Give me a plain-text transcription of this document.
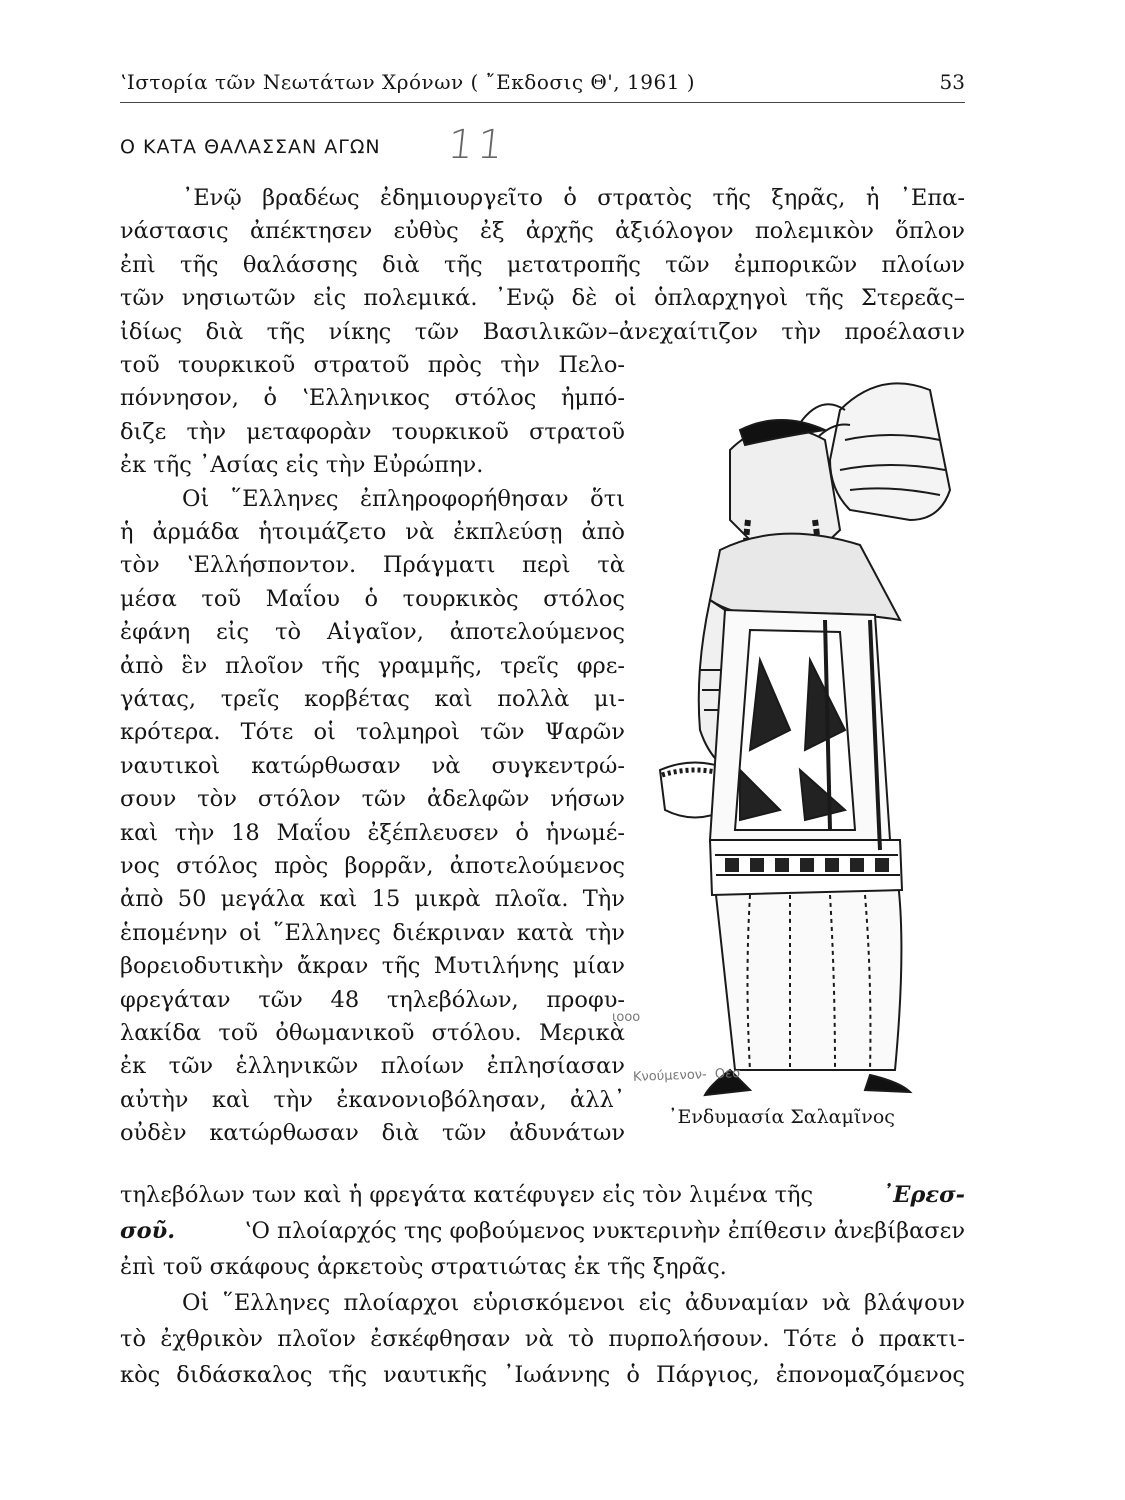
ʽΙστορία τῶν Νεωτάτων Χρόνων ( ῎Εκδοσις Θ', 1961 )	53
Ο ΚΑΤΑ ΘΑΛΑΣΣΑΝ ΑΓΩΝ 11
᾿Ενῷ βραδέως ἐδημιουργεῖτο ὁ στρατὸς τῆς ξηρᾶς, ἡ ᾿Επα-
νάστασις ἀπέκτησεν εὐθὺς ἐξ ἀρχῆς ἀξιόλογον πολεμικὸν ὅπλον
ἐπὶ τῆς θαλάσσης διὰ τῆς μετατροπῆς τῶν ἐμπορικῶν πλοίων
τῶν νησιωτῶν εἰς πολεμικά. ᾿Ενῷ δὲ οἱ ὁπλαρχηγοὶ τῆς Στερεᾶς–
ἰδίως διὰ τῆς νίκης τῶν Βασιλικῶν–ἀνεχαίτιζον τὴν προέλασιν
τοῦ τουρκικοῦ στρατοῦ πρὸς τὴν Πελο-
πόννησον, ὁ ʽΕλληνικος στόλος ἠμπό-
διζε τὴν μεταφορὰν τουρκικοῦ στρατοῦ
ἐκ τῆς ᾿Ασίας εἰς τὴν Εὐρώπην.
Οἱ ῞Ελληνες ἐπληροφορήθησαν ὅτι
ἡ ἀρμάδα ἡτοιμάζετο νὰ ἐκπλεύσῃ ἀπὸ
τὸν ʽΕλλήσποντον. Πράγματι περὶ τὰ
μέσα τοῦ Μαΐου ὁ τουρκικὸς στόλος
ἐφάνη εἰς τὸ Αἰγαῖον, ἀποτελούμενος
ἀπὸ ἓν πλοῖον τῆς γραμμῆς, τρεῖς φρε-
γάτας, τρεῖς κορβέτας καὶ πολλὰ μι-
κρότερα. Τότε οἱ τολμηροὶ τῶν Ψαρῶν
ναυτικοὶ κατώρθωσαν νὰ συγκεντρώ-
σουν τὸν στόλον τῶν ἀδελφῶν νήσων
καὶ τὴν 18 Μαΐου ἐξέπλευσεν ὁ ἡνωμέ-
νος στόλος πρὸς βορρᾶν, ἀποτελούμενος
ἀπὸ 50 μεγάλα καὶ 15 μικρὰ πλοῖα. Τὴν
ἑπομένην οἱ ῞Ελληνες διέκριναν κατὰ τὴν
βορειοδυτικὴν ἄκραν τῆς Μυτιλήνης μίαν
φρεγάταν τῶν 48 τηλεβόλων, προφυ-
λακίδα τοῦ ὀθωμανικοῦ στόλου. Μερικὰ
ἐκ τῶν ἑλληνικῶν πλοίων ἐπλησίασαν
αὐτὴν καὶ τὴν ἐκανονιοβόλησαν, ἀλλ᾿
οὐδὲν κατώρθωσαν διὰ τῶν ἀδυνάτων
τηλεβόλων των καὶ ἡ φρεγάτα κατέφυγεν εἰς τὸν λιμένα τῆς	᾿Ερεσ-
σοῦ.	ʽΟ πλοίαρχός της φοβούμενος νυκτερινὴν ἐπίθεσιν ἀνεβίβασεν
ἐπὶ τοῦ σκάφους ἀρκετοὺς στρατιώτας ἐκ τῆς ξηρᾶς.
Οἱ ῞Ελληνες πλοίαρχοι εὑρισκόμενοι εἰς ἀδυναμίαν νὰ βλάψουν
τὸ ἐχθρικὸν πλοῖον ἐσκέφθησαν νὰ τὸ πυρπολήσουν. Τότε ὁ πρακτι-
κὸς διδάσκαλος τῆς ναυτικῆς ᾿Ιωάννης ὁ Πάργιος, ἐπονομαζόμενος
ιοοο
Κνούμενον- Οεσ
᾿Ενδυμασία Σαλαμῖνος
